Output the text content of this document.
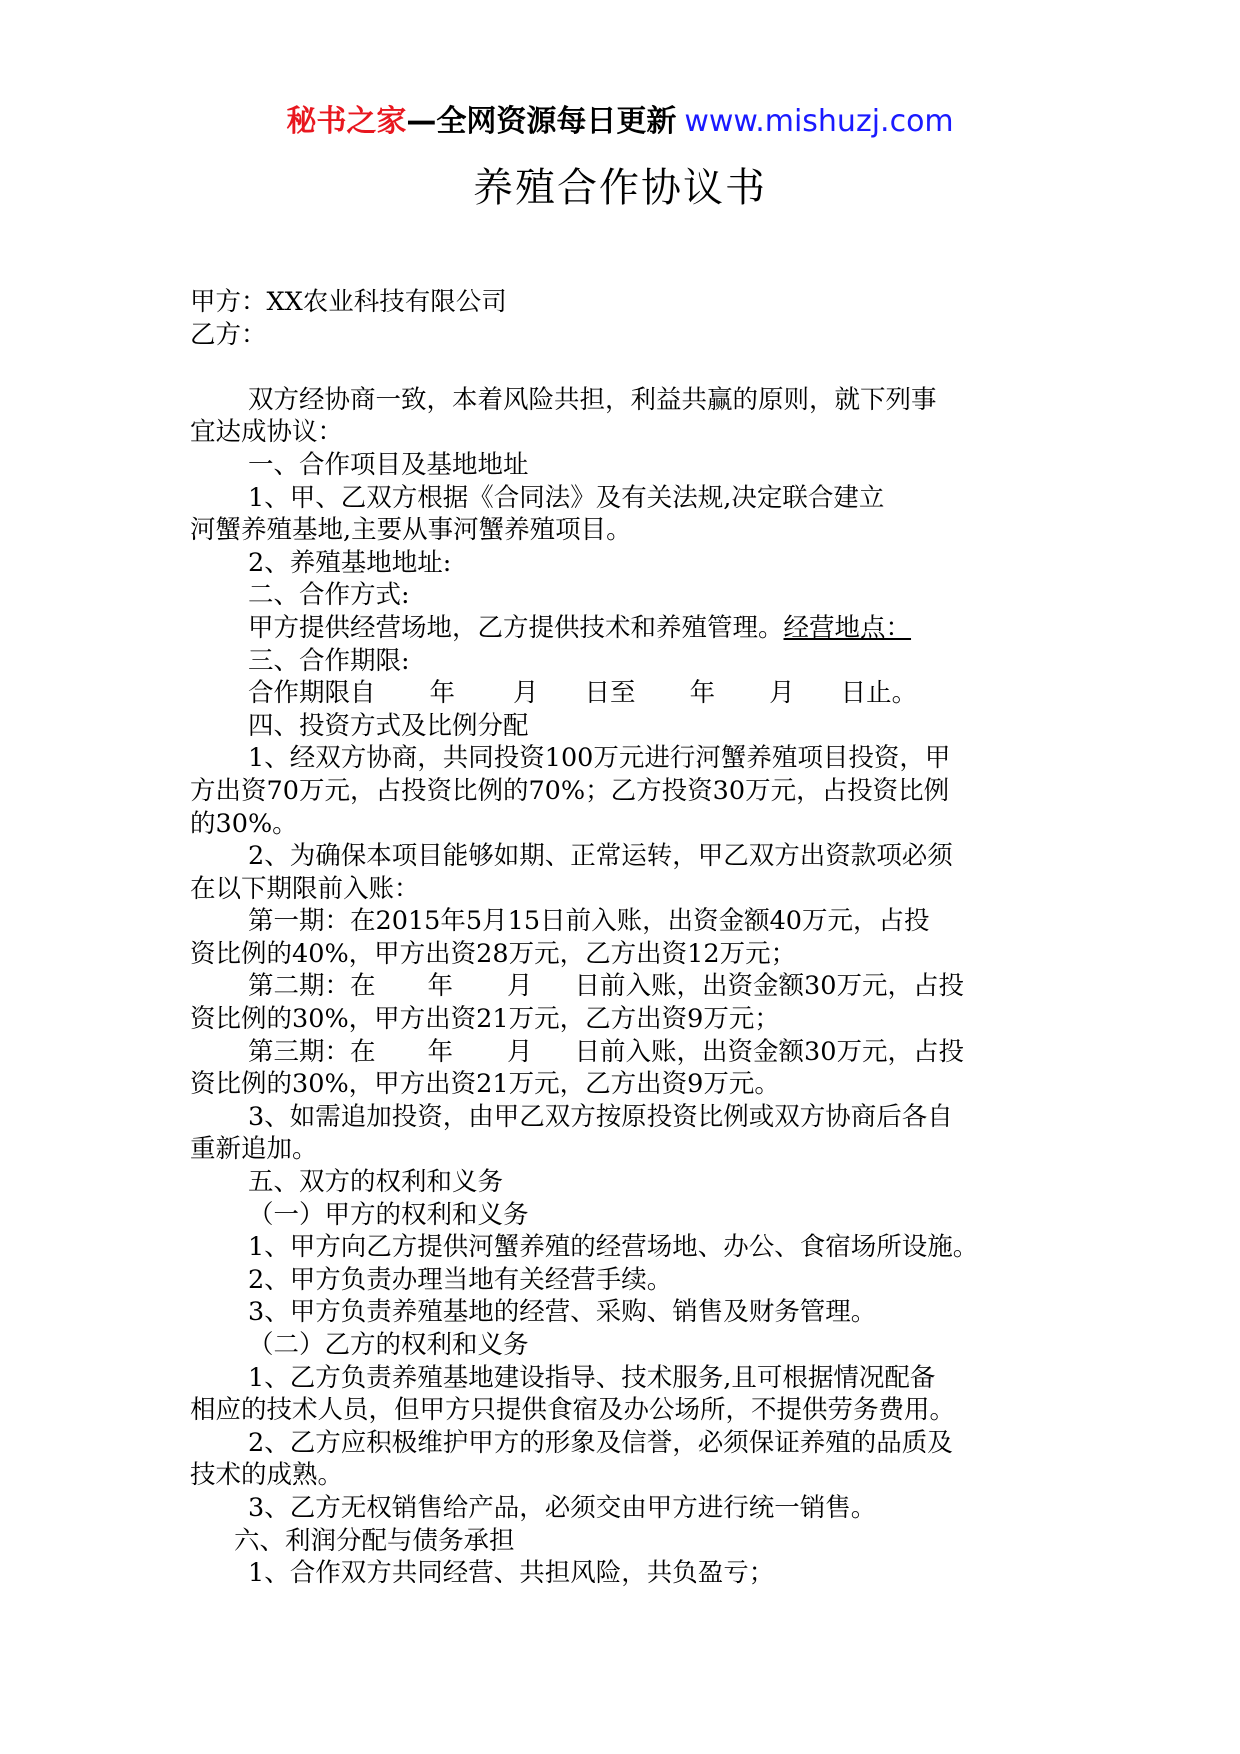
秘书之家—全网资源每日更新 www.mishuzj.com
养殖合作协议书
甲方：XX农业科技有限公司
乙方：
双方经协商一致，本着风险共担，利益共赢的原则，就下列事
宜达成协议：
一、合作项目及基地地址
1、甲、乙双方根据《合同法》及有关法规,决定联合建立
河蟹养殖基地,主要从事河蟹养殖项目。
2、养殖基地地址:
二、合作方式:
甲方提供经营场地，乙方提供技术和养殖管理。经营地点：
三、合作期限:
合作期限自 年 月 日至 年 月 日止。
四、投资方式及比例分配
1、经双方协商，共同投资100万元进行河蟹养殖项目投资，甲
方出资70万元，占投资比例的70%；乙方投资30万元，占投资比例
的30%。
2、为确保本项目能够如期、正常运转，甲乙双方出资款项必须
在以下期限前入账：
第一期：在2015年5月15日前入账，出资金额40万元，占投
资比例的40%，甲方出资28万元，乙方出资12万元；
第二期：在 年 月 日前入账，出资金额30万元，占投
资比例的30%，甲方出资21万元，乙方出资9万元；
第三期：在 年 月 日前入账，出资金额30万元，占投
资比例的30%，甲方出资21万元，乙方出资9万元。
3、如需追加投资，由甲乙双方按原投资比例或双方协商后各自
重新追加。
五、双方的权利和义务
（一）甲方的权利和义务
1、甲方向乙方提供河蟹养殖的经营场地、办公、食宿场所设施。
2、甲方负责办理当地有关经营手续。
3、甲方负责养殖基地的经营、采购、销售及财务管理。
（二）乙方的权利和义务
1、乙方负责养殖基地建设指导、技术服务,且可根据情况配备
相应的技术人员，但甲方只提供食宿及办公场所，不提供劳务费用。
2、乙方应积极维护甲方的形象及信誉，必须保证养殖的品质及
技术的成熟。
3、乙方无权销售给产品，必须交由甲方进行统一销售。
六、利润分配与债务承担
1、合作双方共同经营、共担风险，共负盈亏；
